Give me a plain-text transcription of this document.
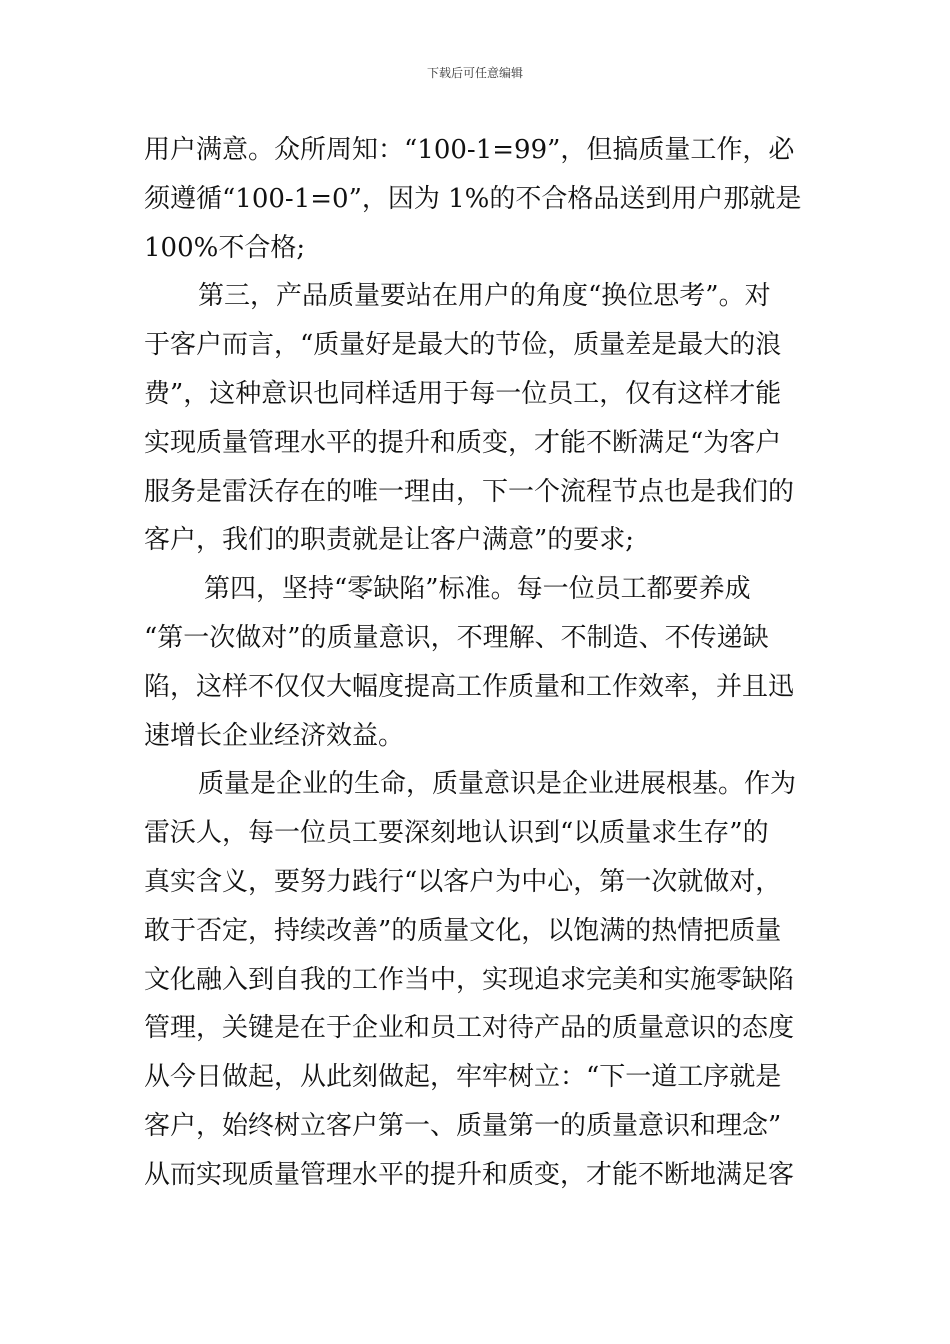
下载后可任意编辑
用户满意。众所周知：“100-1=99”，但搞质量工作，必
须遵循“100-1=0”，因为 1%的不合格品送到用户那就是
100%不合格;
第三，产品质量要站在用户的角度“换位思考”。对
于客户而言，“质量好是最大的节俭，质量差是最大的浪
费”，这种意识也同样适用于每一位员工，仅有这样才能
实现质量管理水平的提升和质变，才能不断满足“为客户
服务是雷沃存在的唯一理由，下一个流程节点也是我们的
客户，我们的职责就是让客户满意”的要求;
第四，坚持“零缺陷”标准。每一位员工都要养成
“第一次做对”的质量意识，不理解、不制造、不传递缺
陷，这样不仅仅大幅度提高工作质量和工作效率，并且迅
速增长企业经济效益。
质量是企业的生命，质量意识是企业进展根基。作为
雷沃人，每一位员工要深刻地认识到“以质量求生存”的
真实含义，要努力践行“以客户为中心，第一次就做对，
敢于否定，持续改善”的质量文化，以饱满的热情把质量
文化融入到自我的工作当中，实现追求完美和实施零缺陷
管理，关键是在于企业和员工对待产品的质量意识的态度
从今日做起，从此刻做起，牢牢树立：“下一道工序就是
客户，始终树立客户第一、质量第一的质量意识和理念”
从而实现质量管理水平的提升和质变，才能不断地满足客
